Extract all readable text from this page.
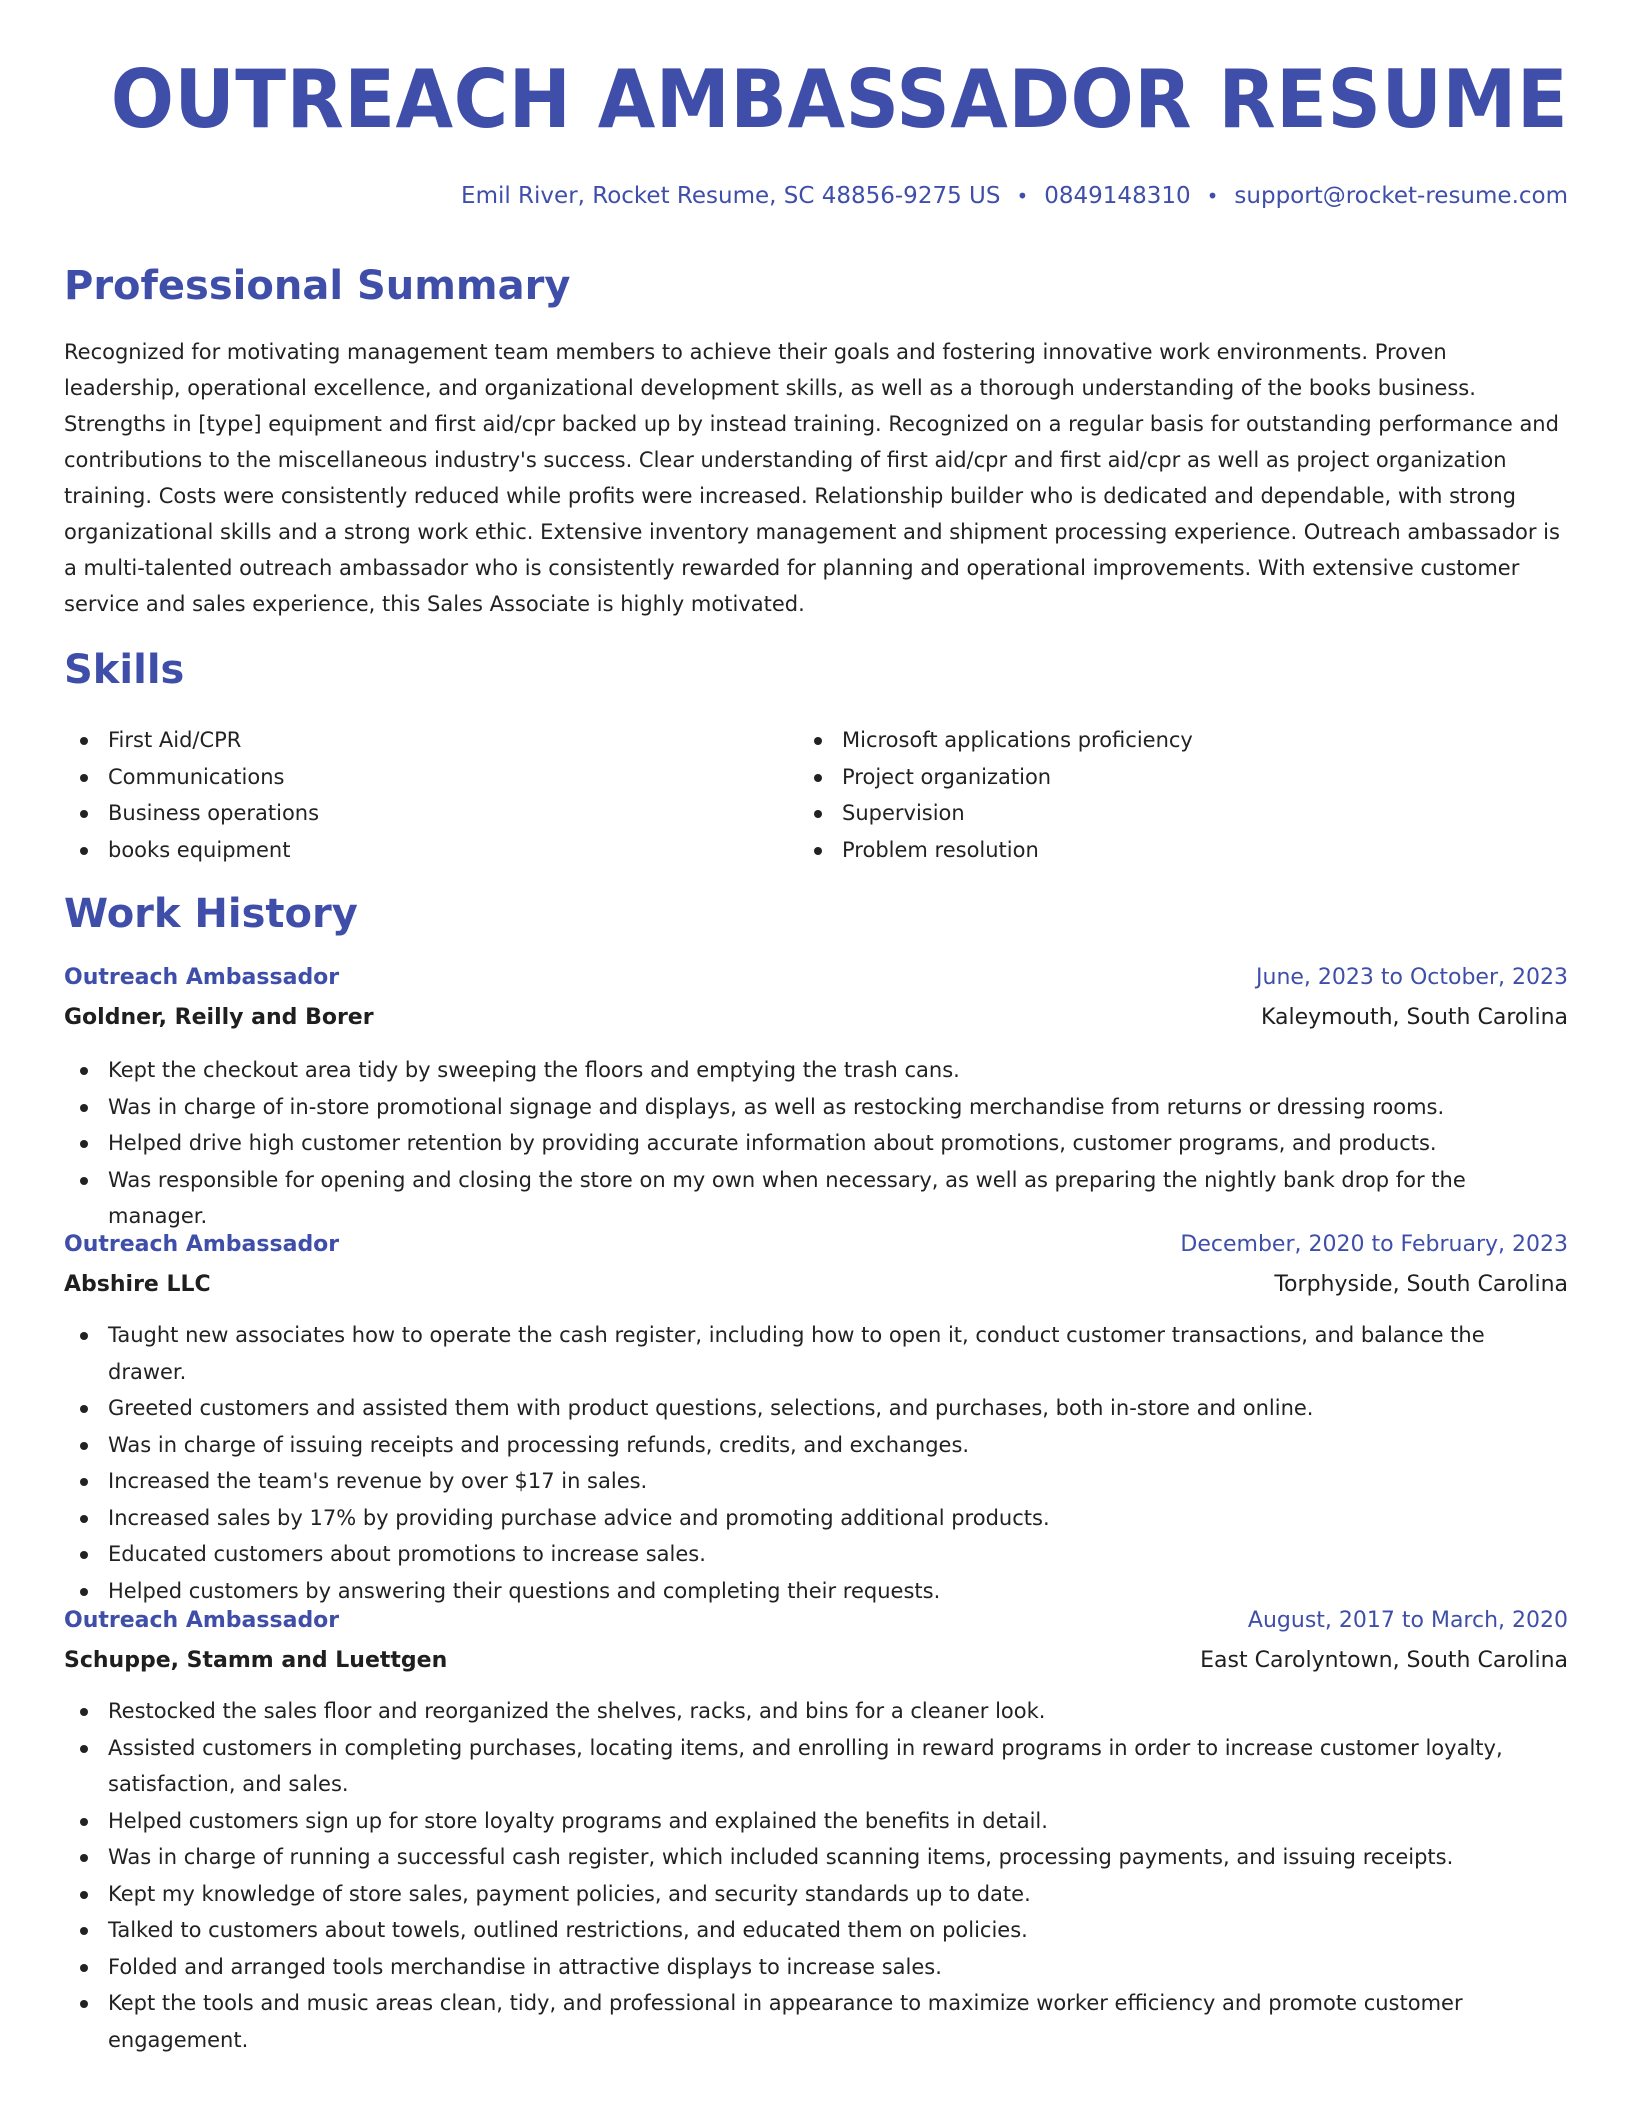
OUTREACH AMBASSADOR RESUME
Emil River, Rocket Resume, SC 48856-9275 US • 0849148310 • support@rocket-resume.com
Professional Summary

Recognized for motivating management team members to achieve their goals and fostering innovative work environments. Proven leadership, operational excellence, and organizational development skills, as well as a thorough understanding of the books business. Strengths in [type] equipment and first aid/cpr backed up by instead training. Recognized on a regular basis for outstanding performance and contributions to the miscellaneous industry's success. Clear understanding of first aid/cpr and first aid/cpr as well as project organization training. Costs were consistently reduced while profits were increased. Relationship builder who is dedicated and dependable, with strong organizational skills and a strong work ethic. Extensive inventory management and shipment processing experience. Outreach ambassador is a multi-talented outreach ambassador who is consistently rewarded for planning and operational improvements. With extensive customer service and sales experience, this Sales Associate is highly motivated.

Skills
First Aid/CPR
Communications
Business operations
books equipment
Microsoft applications proficiency
Project organization
Supervision
Problem resolution
Work History
Outreach Ambassador	June, 2023 to October, 2023
Goldner, Reilly and Borer	Kaleymouth, South Carolina
Kept the checkout area tidy by sweeping the floors and emptying the trash cans.
Was in charge of in-store promotional signage and displays, as well as restocking merchandise from returns or dressing rooms.
Helped drive high customer retention by providing accurate information about promotions, customer programs, and products.
Was responsible for opening and closing the store on my own when necessary, as well as preparing the nightly bank drop for the manager.
Outreach Ambassador	December, 2020 to February, 2023
Abshire LLC	Torphyside, South Carolina
Taught new associates how to operate the cash register, including how to open it, conduct customer transactions, and balance the drawer.
Greeted customers and assisted them with product questions, selections, and purchases, both in-store and online.
Was in charge of issuing receipts and processing refunds, credits, and exchanges.
Increased the team's revenue by over $17 in sales.
Increased sales by 17% by providing purchase advice and promoting additional products.
Educated customers about promotions to increase sales.
Helped customers by answering their questions and completing their requests.
Outreach Ambassador	August, 2017 to March, 2020
Schuppe, Stamm and Luettgen	East Carolyntown, South Carolina
Restocked the sales floor and reorganized the shelves, racks, and bins for a cleaner look.
Assisted customers in completing purchases, locating items, and enrolling in reward programs in order to increase customer loyalty, satisfaction, and sales.
Helped customers sign up for store loyalty programs and explained the benefits in detail.
Was in charge of running a successful cash register, which included scanning items, processing payments, and issuing receipts.
Kept my knowledge of store sales, payment policies, and security standards up to date.
Talked to customers about towels, outlined restrictions, and educated them on policies.
Folded and arranged tools merchandise in attractive displays to increase sales.
Kept the tools and music areas clean, tidy, and professional in appearance to maximize worker efficiency and promote customer engagement.
